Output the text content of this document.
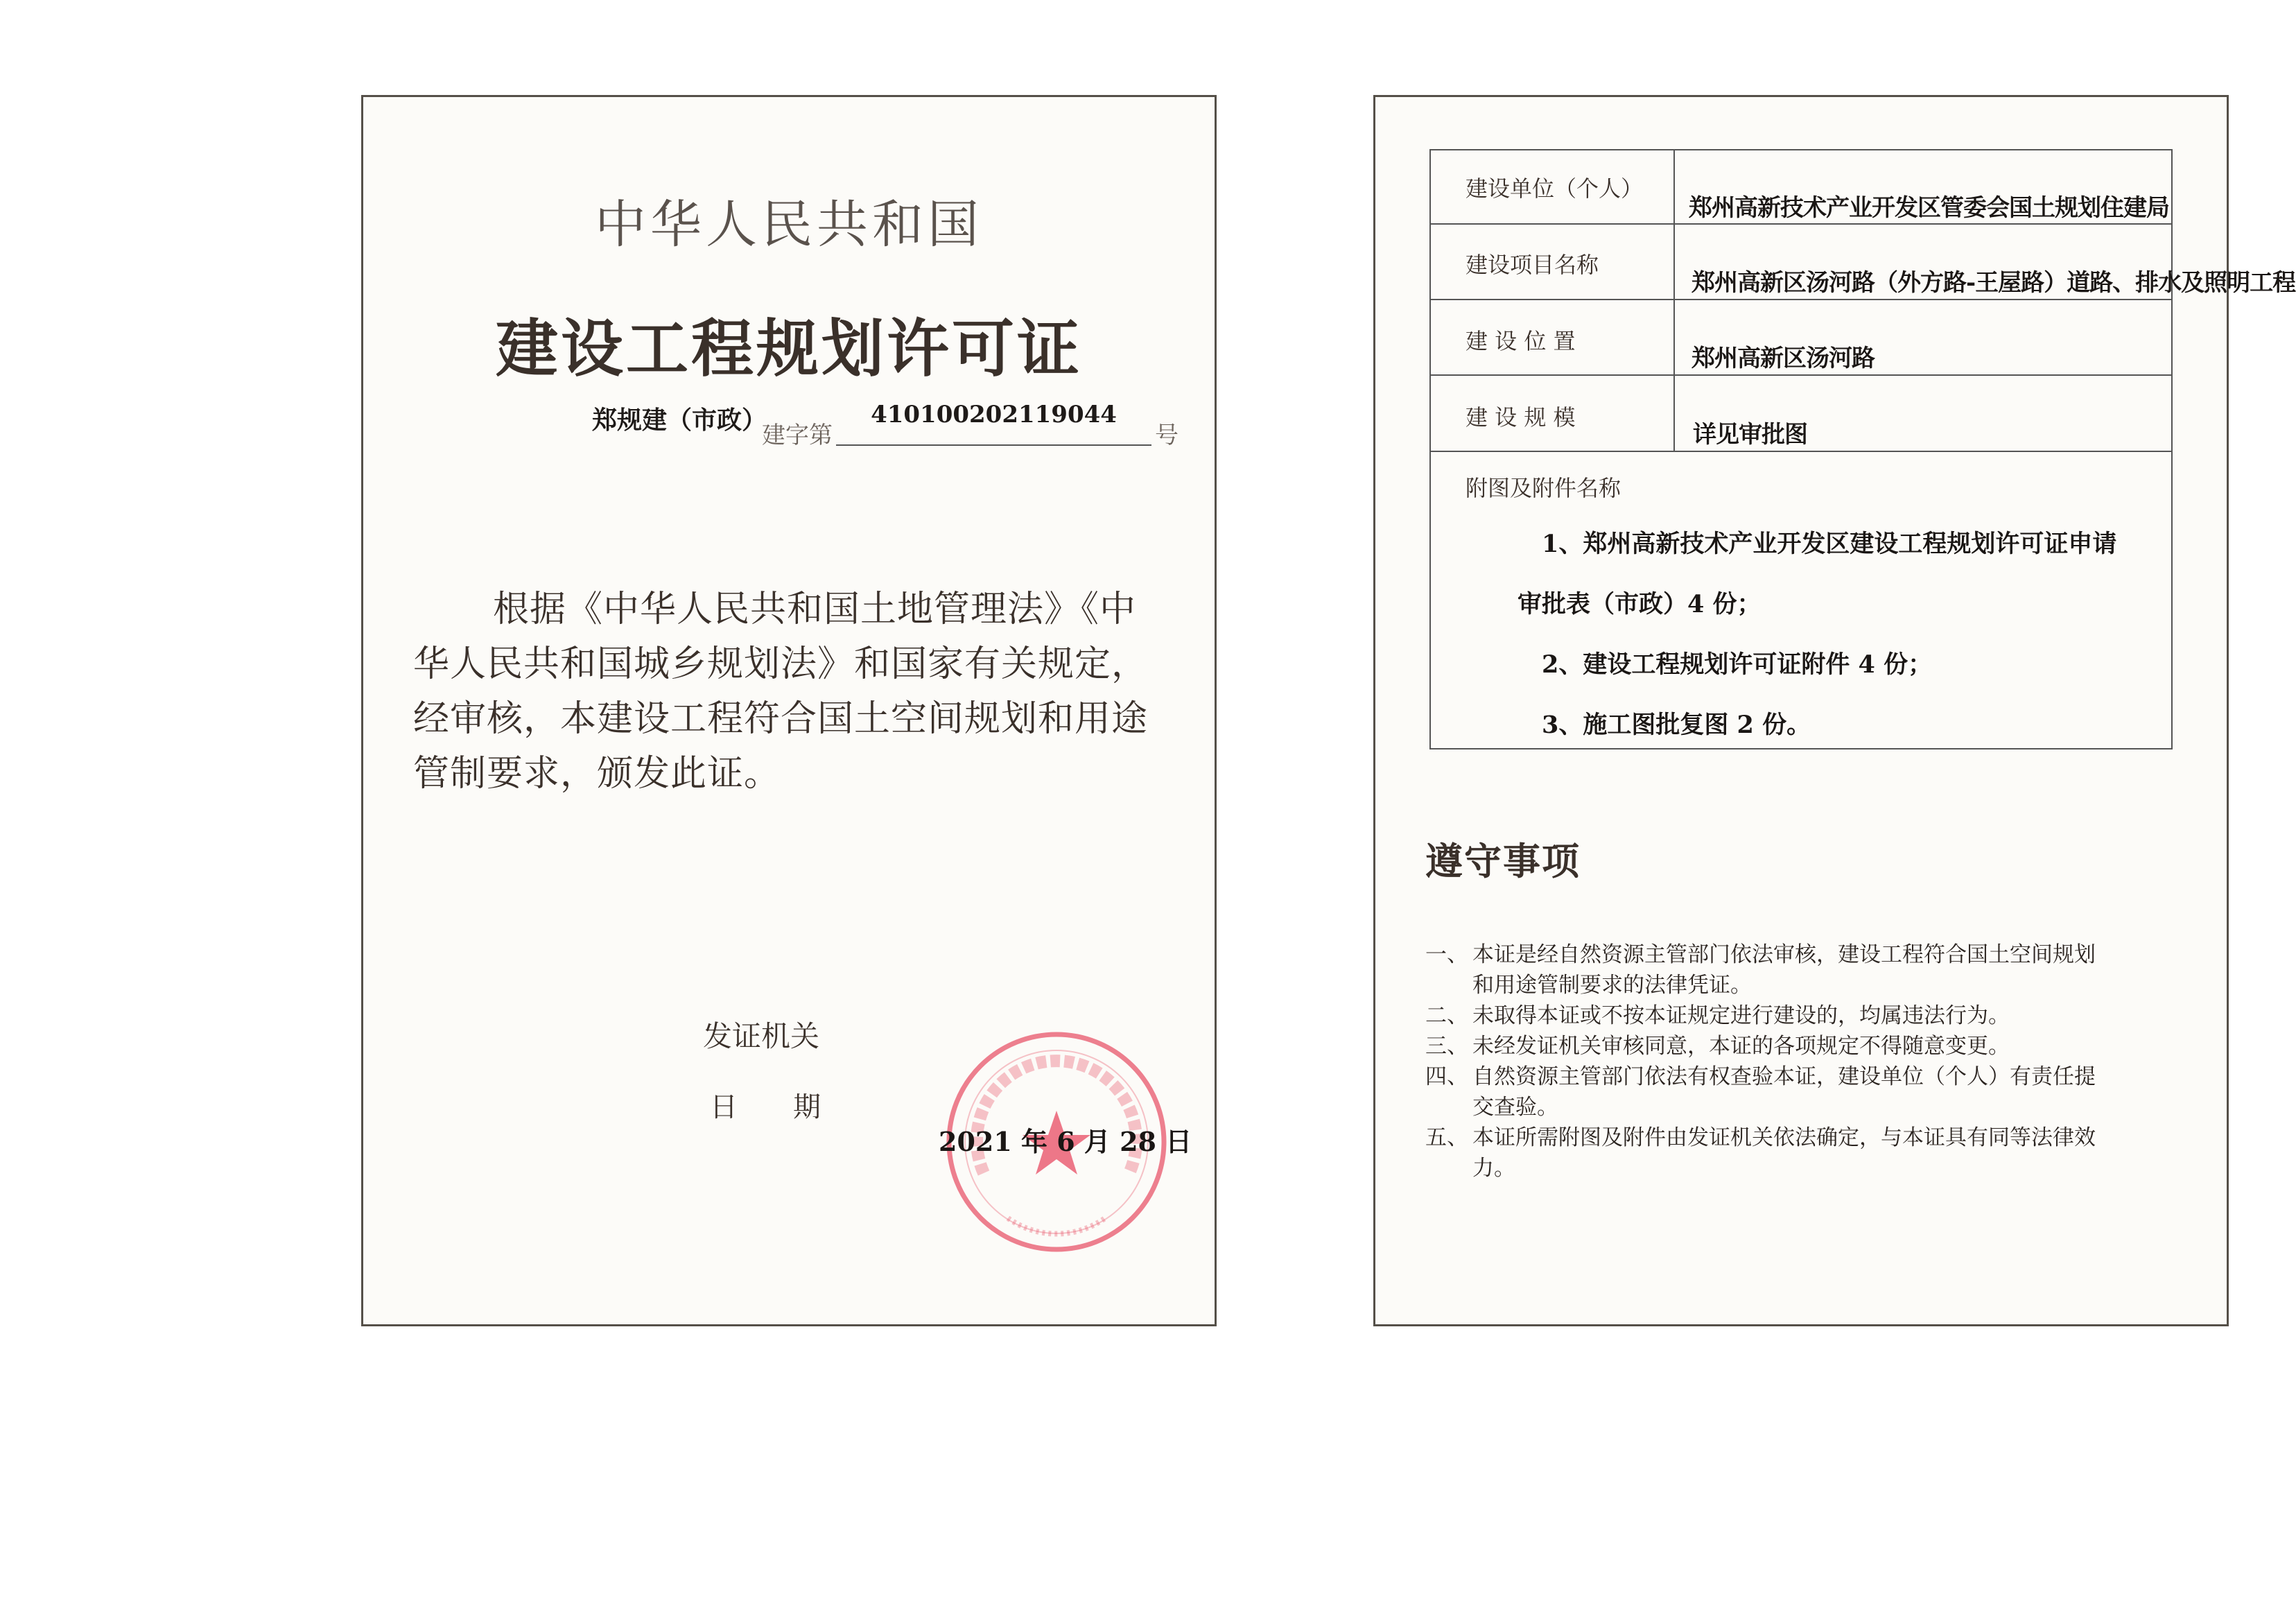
中华人民共和国
建设工程规划许可证
郑规建（市政）
建字第
410100202119044
号
根据《中华人民共和国土地管理法》《中
华人民共和国城乡规划法》和国家有关规定，
经审核，本建设工程符合国土空间规划和用途
管制要求，颁发此证。
发证机关
日 期
2021 年 6 月 28 日
建设单位（个人）
郑州高新技术产业开发区管委会国土规划住建局
建设项目名称
郑州高新区汤河路（外方路-王屋路）道路、排水及照明工程
建 设 位 置
郑州高新区汤河路
建 设 规 模
详见审批图
附图及附件名称
1、郑州高新技术产业开发区建设工程规划许可证申请
审批表（市政）4 份；
2、建设工程规划许可证附件 4 份；
3、施工图批复图 2 份。
遵守事项
一、 本证是经自然资源主管部门依法审核，建设工程符合国土空间规划
和用途管制要求的法律凭证。
二、 未取得本证或不按本证规定进行建设的，均属违法行为。
三、 未经发证机关审核同意，本证的各项规定不得随意变更。
四、 自然资源主管部门依法有权查验本证，建设单位（个人）有责任提
交查验。
五、 本证所需附图及附件由发证机关依法确定，与本证具有同等法律效
力。
